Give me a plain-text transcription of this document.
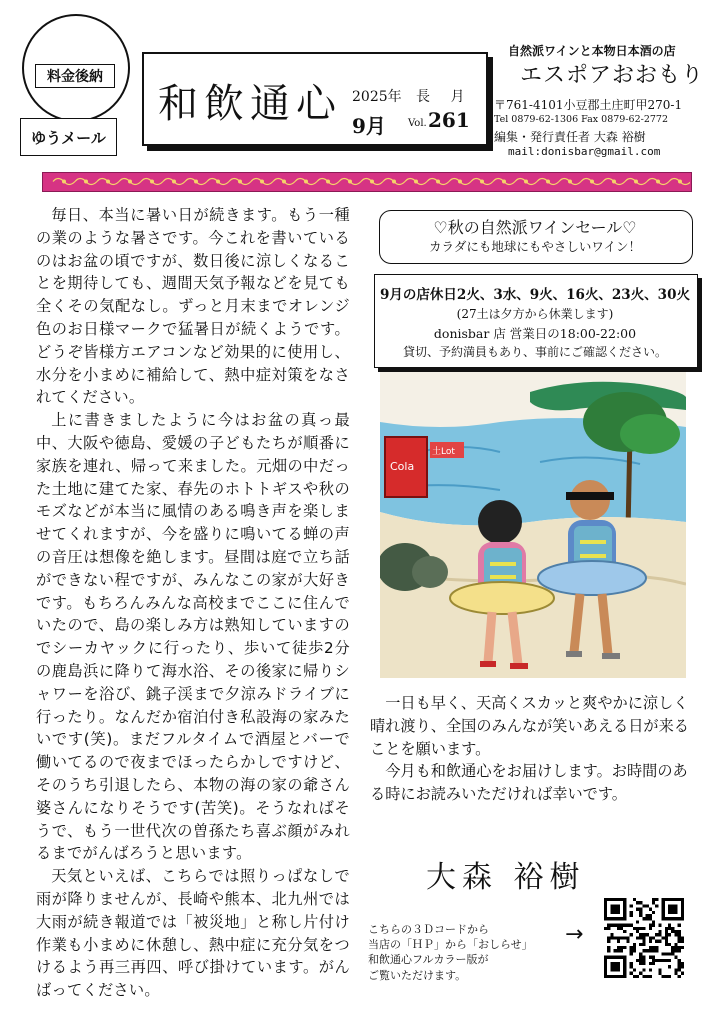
料金後納
ゆうメール
和飲通心 2025年 長 月
9月 Vol. 261
自然派ワインと本物日本酒の店
エスポアおおもり
〒761-4101小豆郡土庄町甲270-1
Tel 0879-62-1306 Fax 0879-62-2772
編集・発行責任者 大森 裕樹
mail:donisbar@gmail.com

毎日、本当に暑い日が続きます。もう一種の業のような暑さです。今これを書いているのはお盆の頃ですが、数日後に涼しくなることを期待しても、週間天気予報などを見ても全くその気配なし。ずっと月末までオレンジ色のお日様マークで猛暑日が続くようです。どうぞ皆様方エアコンなど効果的に使用し、水分を小まめに補給して、熱中症対策をなされてください。

上に書きましたように今はお盆の真っ最中、大阪や徳島、愛媛の子どもたちが順番に家族を連れ、帰って来ました。元畑の中だった土地に建てた家、春先のホトトギスや秋のモズなどが本当に風情のある鳴き声を楽しませてくれますが、今を盛りに鳴いてる蝉の声の音圧は想像を絶します。昼間は庭で立ち話ができない程ですが、みんなこの家が大好きです。もちろんみんな高校までここに住んでいたので、島の楽しみ方は熟知していますのでシーカヤックに行ったり、歩いて徒歩2分の鹿島浜に降りて海水浴、その後家に帰りシャワーを浴び、銚子渓まで夕涼みドライブに行ったり。なんだか宿泊付き私設海の家みたいです(笑)。まだフルタイムで酒屋とバーで働いてるので夜までほったらかしですけど、そのうち引退したら、本物の海の家の爺さん婆さんになりそうです(苦笑)。そうなればそうで、もう一世代次の曽孫たち喜ぶ顔がみれるまでがんばろうと思います。

天気といえば、こちらでは照りっぱなしで雨が降りませんが、長崎や熊本、北九州では大雨が続き報道では「被災地」と称し片付け作業も小まめに休憩し、熱中症に充分気をつけるよう再三再四、呼び掛けています。がんばってください。

♡秋の自然派ワインセール♡
カラダにも地球にもやさしいワイン！
9月の店休日2火、3水、9火、16火、23火、30火
(27土は夕方から休業します)
donisbar 店 営業日の18:00-22:00
貸切、予約満員もあり、事前にご確認ください。
Cola
土Lot

一日も早く、天高くスカッと爽やかに涼しく晴れ渡り、全国のみんなが笑いあえる日が来ることを願います。

今月も和飲通心をお届けします。お時間のある時にお読みいただければ幸いです。

大森 裕樹
こちらの３Ｄコードから
当店の「ＨＰ」から「おしらせ」
和飲通心フルカラー版が
ご覧いただけます。
→
